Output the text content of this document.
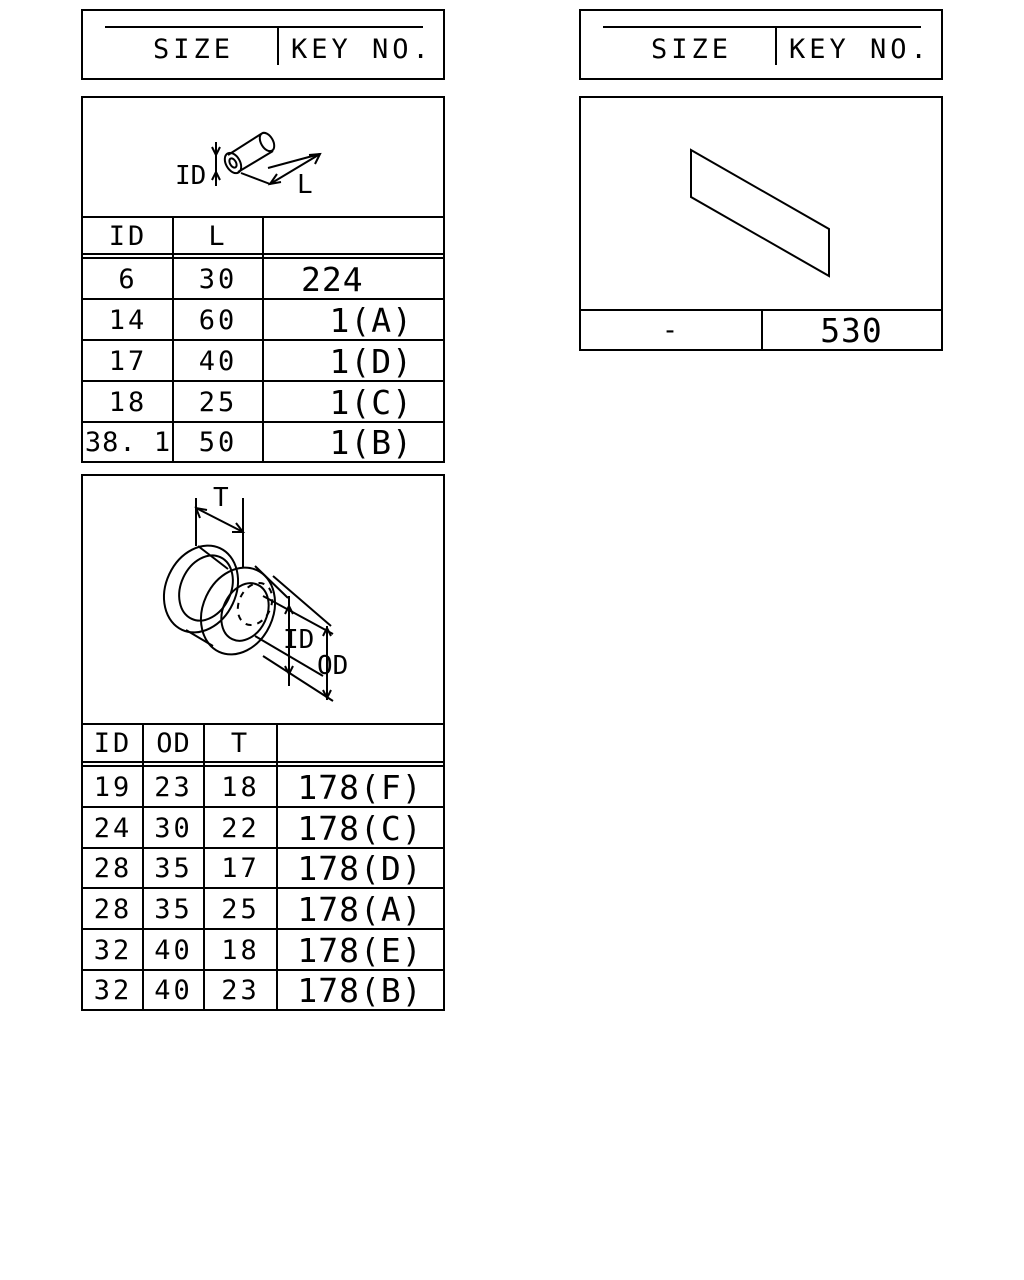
SIZE KEY NO.	SIZE KEY NO.
ID	L
ID	L
6	30	224
14	60	1(A)
17	40	1(D)
18	25	1(C)
38. 1	50	1(B)
T
ID
OD
ID OD	T
19 23	18	178(F)
24 30	22	178(C)
28 35	17	178(D)
28 35	25	178(A)
32 40	18	178(E)
32 40	23	178(B)
-	530
